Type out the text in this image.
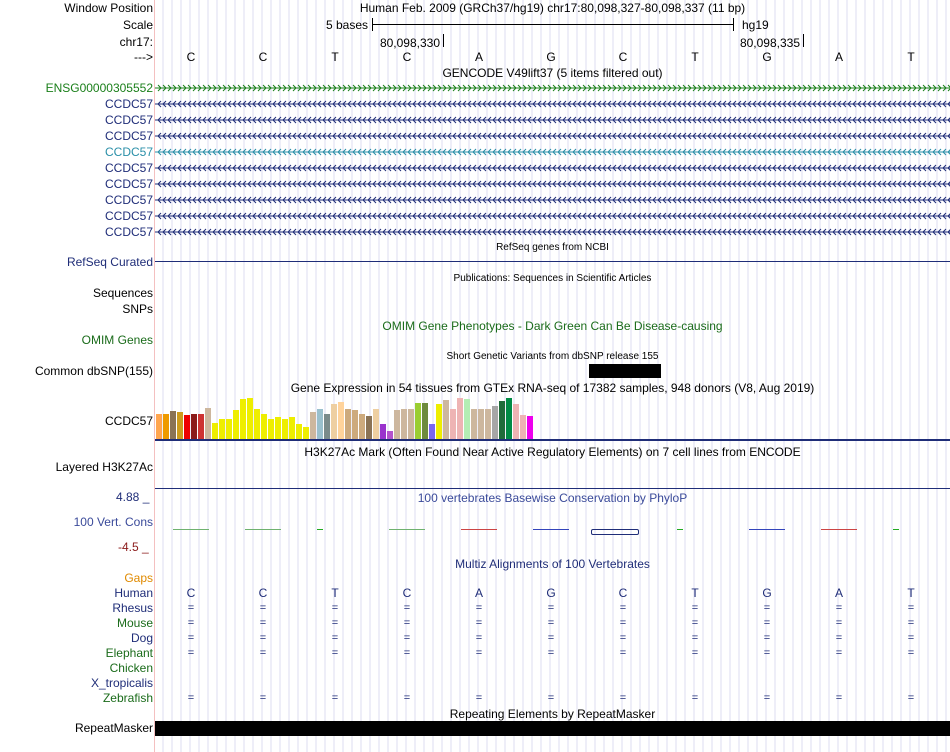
Window Position
Scale
chr17:
--->
Human Feb. 2009 (GRCh37/hg19) chr17:80,098,327-80,098,337 (11 bp)
5 bases	hg19
80,098,330	80,098,335
C	C	T	C	A	G	C	T	G	A	T
GENCODE V49lift37 (5 items filtered out)
ENSG00000305552
CCDC57
CCDC57
CCDC57
CCDC57
CCDC57
CCDC57
CCDC57
CCDC57
CCDC57
RefSeq genes from NCBI
RefSeq Curated
Publications: Sequences in Scientific Articles
Sequences
SNPs
OMIM Gene Phenotypes - Dark Green Can Be Disease-causing
OMIM Genes
Short Genetic Variants from dbSNP release 155
Common dbSNP(155)
Gene Expression in 54 tissues from GTEx RNA-seq of 17382 samples, 948 donors (V8, Aug 2019)
CCDC57
H3K27Ac Mark (Often Found Near Active Regulatory Elements) on 7 cell lines from ENCODE
Layered H3K27Ac
100 vertebrates Basewise Conservation by PhyloP
4.88 _
100 Vert. Cons
-4.5 _
Multiz Alignments of 100 Vertebrates
Gaps
Human	C	C	T	C	A	G	C	T	G	A	T
Rhesus	=	=	=	=	=	=	=	=	=	=	=
Mouse	=	=	=	=	=	=	=	=	=	=	=
Dog	=	=	=	=	=	=	=	=	=	=	=
Elephant	=	=	=	=	=	=	=	=	=	=	=
Chicken
X_tropicalis
Zebrafish	=	=	=	=	=	=	=	=	=	=	=
Repeating Elements by RepeatMasker
RepeatMasker
